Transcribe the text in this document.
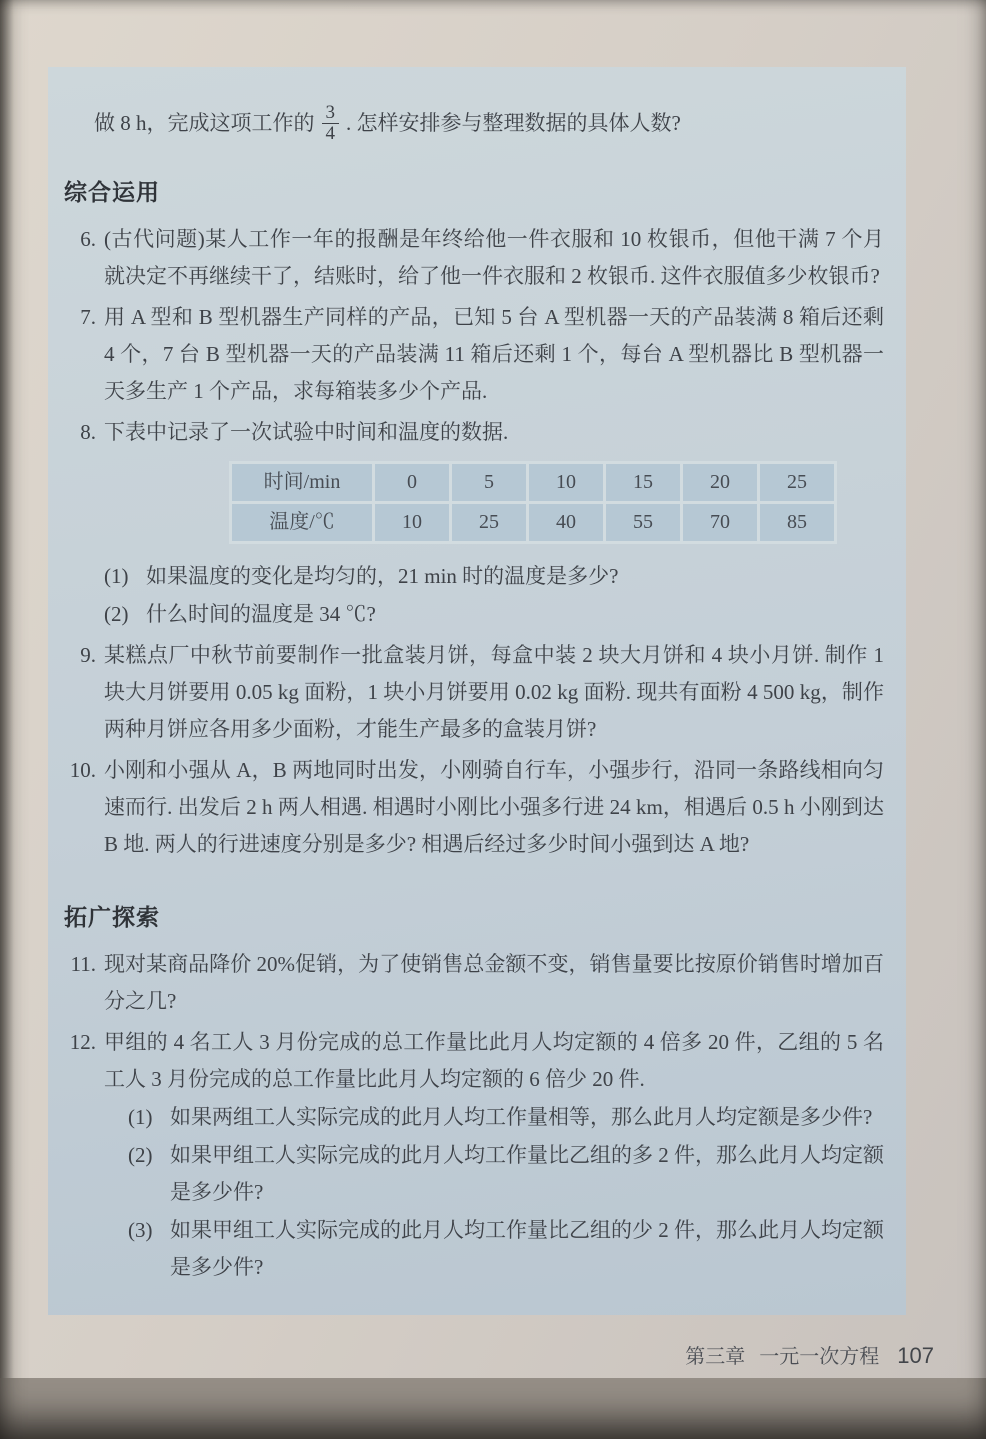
做 8 h，完成这项工作的 $\frac{3}{4}$ . 怎样安排参与整理数据的具体人数?

综合运用
6. (古代问题)某人工作一年的报酬是年终给他一件衣服和 10 枚银币，但他干满 7 个月就决定不再继续干了，结账时，给了他一件衣服和 2 枚银币. 这件衣服值多少枚银币?
7. 用 A 型和 B 型机器生产同样的产品，已知 5 台 A 型机器一天的产品装满 8 箱后还剩 4 个，7 台 B 型机器一天的产品装满 11 箱后还剩 1 个，每台 A 型机器比 B 型机器一天多生产 1 个产品，求每箱装多少个产品.
8. 下表中记录了一次试验中时间和温度的数据.
时间/min	0	5	10	15	20	25
温度/℃	10	25	40	55	70	85
(1) 如果温度的变化是均匀的，21 min 时的温度是多少?
(2) 什么时间的温度是 34 ℃?
9. 某糕点厂中秋节前要制作一批盒装月饼，每盒中装 2 块大月饼和 4 块小月饼. 制作 1 块大月饼要用 0.05 kg 面粉，1 块小月饼要用 0.02 kg 面粉. 现共有面粉 4 500 kg，制作两种月饼应各用多少面粉，才能生产最多的盒装月饼?
10. 小刚和小强从 A，B 两地同时出发，小刚骑自行车，小强步行，沿同一条路线相向匀速而行. 出发后 2 h 两人相遇. 相遇时小刚比小强多行进 24 km，相遇后 0.5 h 小刚到达 B 地. 两人的行进速度分别是多少? 相遇后经过多少时间小强到达 A 地?
拓广探索
11. 现对某商品降价 20%促销，为了使销售总金额不变，销售量要比按原价销售时增加百分之几?
12. 甲组的 4 名工人 3 月份完成的总工作量比此月人均定额的 4 倍多 20 件，乙组的 5 名工人 3 月份完成的总工作量比此月人均定额的 6 倍少 20 件.
(1) 如果两组工人实际完成的此月人均工作量相等，那么此月人均定额是多少件?
(2) 如果甲组工人实际完成的此月人均工作量比乙组的多 2 件，那么此月人均定额是多少件?
(3) 如果甲组工人实际完成的此月人均工作量比乙组的少 2 件，那么此月人均定额是多少件?
第三章 一元一次方程 107
